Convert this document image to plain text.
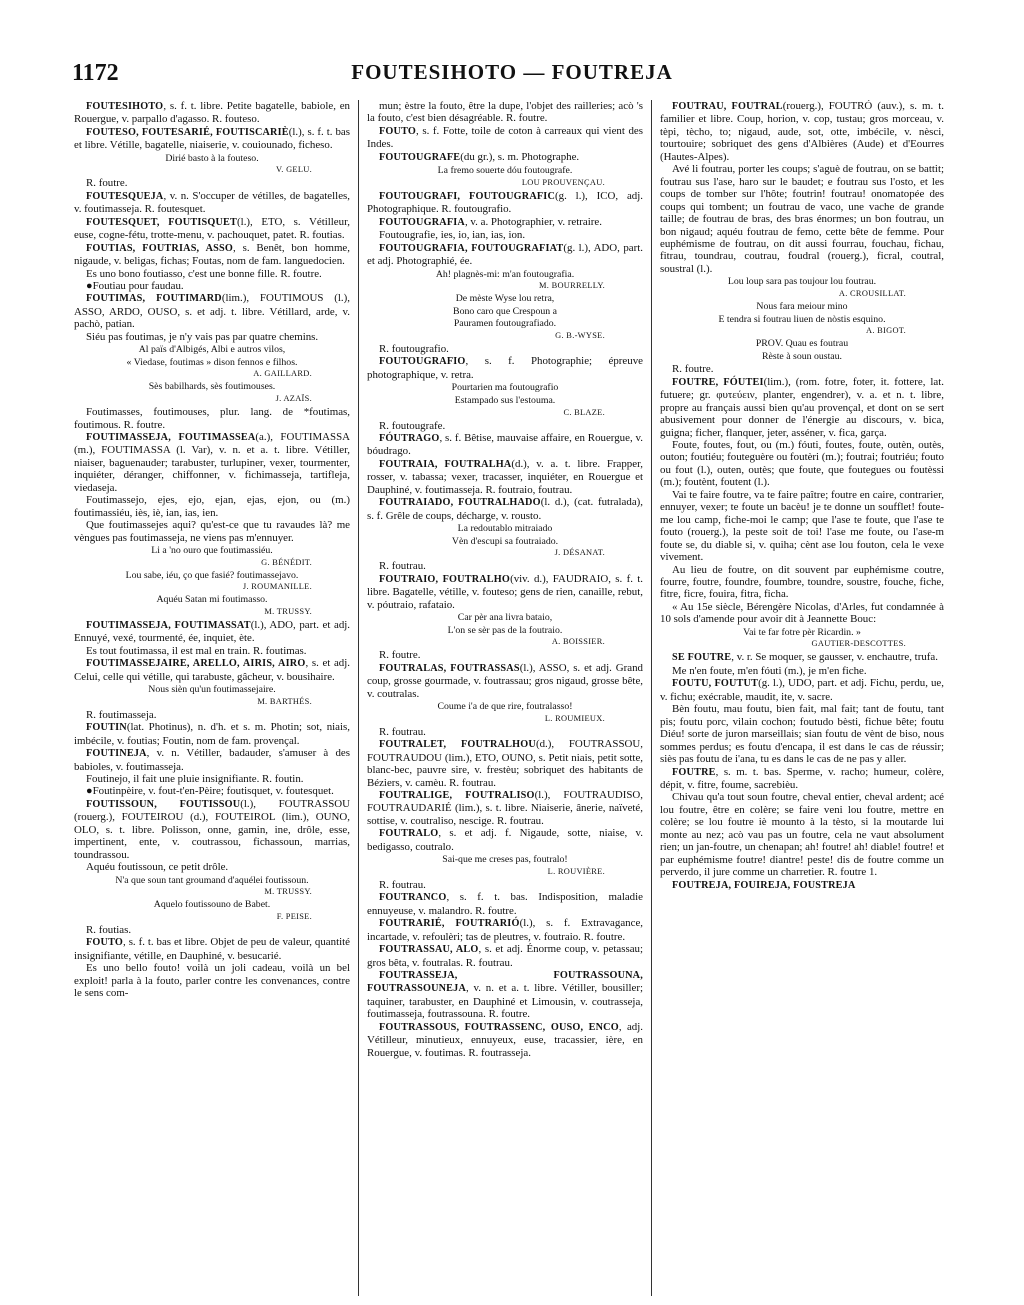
1172	FOUTESIHOTO — FOUTREJA

FOUTESIHOTO, s. f. t. libre. Petite bagatelle, babiole, en Rouergue, v. parpallo d'agasso. R. fouteso.

FOUTESO, FOUTESARIÉ, FOUTISCARIÈ(l.), s. f. t. bas et libre. Vétille, bagatelle, niaiserie, v. couiounado, ficheso.

Dirié basto à la fouteso.

V. GELU.

R. foutre.

FOUTESQUEJA, v. n. S'occuper de vétilles, de bagatelles, v. foutimasseja. R. foutesquet.

FOUTESQUET, FOUTISQUET(l.), ETO, s. Vétilleur, euse, cogne-fétu, trotte-menu, v. pachouquet, patet. R. foutias.

FOUTIAS, FOUTRIAS, ASSO, s. Benêt, bon homme, nigaude, v. beligas, fichas; Foutas, nom de fam. languedocien.

Es uno bono foutiasso, c'est une bonne fille. R. foutre.

●Foutiau pour faudau.

FOUTIMAS, FOUTIMARD(lim.), FOUTIMOUS (l.), ASSO, ARDO, OUSO, s. et adj. t. libre. Vétillard, arde, v. pachò, patian.

Siéu pas foutimas, je n'y vais pas par quatre chemins.

Al païs d'Albigés, Albi e autros vilos,

« Viedase, foutimas » dison fennos e filhos.

A. GAILLARD.

Sès babilhards, sès foutimouses.

J. AZAÏS.

Foutimasses, foutimouses, plur. lang. de *foutimas, foutimous. R. foutre.

FOUTIMASSEJA, FOUTIMASSEA(a.), FOUTIMASSA (m.), FOUTIMASSA (l. Var), v. n. et a. t. libre. Vétiller, niaiser, baguenauder; tarabuster, turlupiner, vexer, tourmenter, inquiéter, déranger, chiffonner, v. fichimasseja, tartifleja, viedaseja.

Foutimassejo, ejes, ejo, ejan, ejas, ejon, ou (m.) foutimassiéu, iès, iè, ian, ias, ien.

Que foutimassejes aqui? qu'est-ce que tu ravaudes là? me vèngues pas foutimasseja, ne viens pas m'ennuyer.

Li a 'no ouro que foutimassiéu.

G. BÉNÉDIT.

Lou sabe, iéu, ço que fasié? foutimassejavo.

J. ROUMANILLE.

Aquéu Satan mi foutimasso.

M. TRUSSY.

FOUTIMASSEJA, FOUTIMASSAT(l.), ADO, part. et adj. Ennuyé, vexé, tourmenté, ée, inquiet, ète.

Es tout foutimassa, il est mal en train. R. foutimas.

FOUTIMASSEJAIRE, ARELLO, AIRIS, AIRO, s. et adj. Celui, celle qui vétille, qui tarabuste, gâcheur, v. bousihaire.

Nous sièn qu'un foutimassejaire.

M. BARTHÉS.

R. foutimasseja.

FOUTIN(lat. Photinus), n. d'h. et s. m. Photin; sot, niais, imbécile, v. foutias; Foutin, nom de fam. provençal.

FOUTINEJA, v. n. Vétiller, badauder, s'amuser à des babioles, v. foutimasseja.

Foutinejo, il fait une pluie insignifiante. R. foutin.

●Foutinpèire, v. fout-t'en-Pèire; foutisquet, v. foutesquet.

FOUTISSOUN, FOUTISSOU(l.), FOUTRASSOU (rouerg.), FOUTEIROU (d.), FOUTEIROL (lim.), OUNO, OLO, s. t. libre. Polisson, onne, gamin, ine, drôle, esse, impertinent, ente, v. coutrassou, fichassoun, marrias, toundrassou.

Aquéu foutissoun, ce petit drôle.

N'a que soun tant groumand d'aquélei foutissoun.

M. TRUSSY.

Aquelo foutissouno de Babet.

F. PEISE.

R. foutias.

FOUTO, s. f. t. bas et libre. Objet de peu de valeur, quantité insignifiante, vétille, en Dauphiné, v. besucarié.

Es uno bello fouto! voilà un joli cadeau, voilà un bel exploit! parla à la fouto, parler contre les convenances, contre le sens com-

mun; èstre la fouto, être la dupe, l'objet des railleries; acò 's la fouto, c'est bien désagréable. R. foutre.

FOUTO, s. f. Fotte, toile de coton à carreaux qui vient des Indes.

FOUTOUGRAFE(du gr.), s. m. Photographe.

La fremo souerte dóu foutougrafe.

LOU PROUVENÇAU.

FOUTOUGRAFI, FOUTOUGRAFIC(g. l.), ICO, adj. Photographique. R. foutougrafio.

FOUTOUGRAFIA, v. a. Photographier, v. retraire.

Foutougrafie, ies, io, ian, ias, ion.

FOUTOUGRAFIA, FOUTOUGRAFIAT(g. l.), ADO, part. et adj. Photographié, ée.

Ah! plagnès-mi: m'an foutougrafia.

M. BOURRELLY.

De mèste Wyse lou retra,

Bono caro que Crespoun a

Pauramen foutougrafiado.

G. B.-WYSE.

R. foutougrafio.

FOUTOUGRAFIO, s. f. Photographie; épreuve photographique, v. retra.

Pourtarien ma foutougrafio

Estampado sus l'estouma.

C. BLAZE.

R. foutougrafe.

FÓUTRAGO, s. f. Bêtise, mauvaise affaire, en Rouergue, v. bóudrago.

FOUTRAIA, FOUTRALHA(d.), v. a. t. libre. Frapper, rosser, v. tabassa; vexer, tracasser, inquiéter, en Rouergue et Dauphiné, v. foutimasseja. R. foutraio, foutrau.

FOUTRAIADO, FOUTRALHADO(l. d.), (cat. futralada), s. f. Grêle de coups, décharge, v. rousto.

La redoutablo mitraiado

Vèn d'escupi sa foutraiado.

J. DÉSANAT.

R. foutrau.

FOUTRAIO, FOUTRALHO(viv. d.), FAUDRAIO, s. f. t. libre. Bagatelle, vétille, v. fouteso; gens de rien, canaille, rebut, v. póutraio, rafataio.

Car pèr ana livra bataio,

L'on se sèr pas de la foutraio.

A. BOISSIER.

R. foutre.

FOUTRALAS, FOUTRASSAS(l.), ASSO, s. et adj. Grand coup, grosse gourmade, v. foutrassau; gros nigaud, grosse bête, v. coutralas.

Coume i'a de que rire, foutralasso!

L. ROUMIEUX.

R. foutrau.

FOUTRALET, FOUTRALHOU(d.), FOUTRASSOU, FOUTRAUDOU (lim.), ETO, OUNO, s. Petit niais, petit sotte, blanc-bec, pauvre sire, v. frestèu; sobriquet des habitants de Béziers, v. camèu. R. foutrau.

FOUTRALIGE, FOUTRALISO(l.), FOUTRAUDISO, FOUTRAUDARIÉ (lim.), s. t. libre. Niaiserie, ânerie, naïveté, sottise, v. coutraliso, nescige. R. foutrau.

FOUTRALO, s. et adj. f. Nigaude, sotte, niaise, v. bedigasso, coutralo.

Sai-que me creses pas, foutralo!

L. ROUVIÈRE.

R. foutrau.

FOUTRANCO, s. f. t. bas. Indisposition, maladie ennuyeuse, v. malandro. R. foutre.

FOUTRARIÉ, FOUTRARIÓ(l.), s. f. Extravagance, incartade, v. refoulèri; tas de pleutres, v. foutraio. R. foutre.

FOUTRASSAU, ALO, s. et adj. Énorme coup, v. petassau; gros bêta, v. foutralas. R. foutrau.

FOUTRASSEJA, FOUTRASSOUNA, FOUTRASSOUNEJA, v. n. et a. t. libre. Vétiller, bousiller; taquiner, tarabuster, en Dauphiné et Limousin, v. coutrasseja, foutimasseja, foutrassouna. R. foutre.

FOUTRASSOUS, FOUTRASSENC, OUSO, ENCO, adj. Vétilleur, minutieux, ennuyeux, euse, tracassier, ière, en Rouergue, v. foutimas. R. foutrasseja.

FOUTRAU, FOUTRAL(rouerg.), FOUTRÓ (auv.), s. m. t. familier et libre. Coup, horion, v. cop, tustau; gros morceau, v. tèpi, tècho, to; nigaud, aude, sot, otte, imbécile, v. nèsci, tourtouire; sobriquet des gens d'Albières (Aude) et d'Eourres (Hautes-Alpes).

Avé li foutrau, porter les coups; s'aguè de foutrau, on se battit; foutrau sus l'ase, haro sur le baudet; e foutrau sus l'osto, et les coups de tomber sur l'hôte; foutrin! foutrau! onomatopée des coups qui tombent; un foutrau de vaco, une vache de grande taille; de foutrau de bras, des bras énormes; un bon foutrau, un bon nigaud; aquéu foutrau de femo, cette bête de femme. Pour euphémisme de foutrau, on dit aussi fourrau, fouchau, fichau, fitrau, toundrau, coutrau, foudral (rouerg.), ficral, coutral, soustral (l.).

Lou loup sara pas toujour lou foutrau.

A. CROUSILLAT.

Nous fara meiour mino

E tendra si foutrau liuen de nòstis esquino.

A. BIGOT.

PROV. Quau es foutrau

Rèste à soun oustau.

R. foutre.

FOUTRE, FÓUTEI(lim.), (rom. fotre, foter, it. fottere, lat. futuere; gr. φυτεύειν, planter, engendrer), v. a. et n. t. libre, propre au français aussi bien qu'au provençal, et dont on se sert abusivement pour donner de l'énergie au discours, v. bica, guigna; ficher, flanquer, jeter, asséner, v. fica, garça.

Foute, foutes, fout, ou (m.) fóuti, foutes, foute, outèn, outès, outon; foutiéu; fouteguère ou foutèri (m.); foutrai; foutriéu; fouto ou fout (l.), outen, outès; que foute, que foutegues ou foutèssi (m.); foutènt, foutent (l.).

Vai te faire foutre, va te faire paître; foutre en caire, contrarier, ennuyer, vexer; te foute un bacèu! je te donne un soufflet! foute-me lou camp, fiche-moi le camp; que l'ase te foute, que l'ase te fouto (rouerg.), la peste soit de toi! l'ase me foute, ou l'ase-m foute se, du diable si, v. quiha; cènt ase lou fouton, cela le vexe vivement.

Au lieu de foutre, on dit souvent par euphémisme coutre, fourre, foutre, foundre, foumbre, toundre, soustre, fouche, fiche, fitre, ficre, fouira, fitra, ficha.

« Au 15e siècle, Bérengère Nicolas, d'Arles, fut condamnée à 10 sols d'amende pour avoir dit à Jeannette Bouc:

Vai te far fotre pèr Ricardin. »

GAUTIER-DESCOTTES.

SE FOUTRE, v. r. Se moquer, se gausser, v. enchautre, trufa.

Me n'en foute, m'en fóuti (m.), je m'en fiche.

FOUTU, FOUTUT(g. l.), UDO, part. et adj. Fichu, perdu, ue, v. fichu; exécrable, maudit, ite, v. sacre.

Bèn foutu, mau foutu, bien fait, mal fait; tant de foutu, tant pis; foutu porc, vilain cochon; foutudo bèsti, fichue bête; foutu Diéu! sorte de juron marseillais; sian foutu de vènt de biso, nous sommes perdus; es foutu d'encapa, il est dans le cas de réussir; siès pas foutu de i'ana, tu es dans le cas de ne pas y aller.

FOUTRE, s. m. t. bas. Sperme, v. racho; humeur, colère, dépit, v. fitre, foume, sacrebièu.

Chivau qu'a tout soun foutre, cheval entier, cheval ardent; acé lou foutre, être en colère; se faire veni lou foutre, mettre en colère; se lou foutre iè mounto à la tèsto, si la moutarde lui monte au nez; acò vau pas un foutre, cela ne vaut absolument rien; un jan-foutre, un chenapan; ah! foutre! ah! diable! foutre! et par euphémisme foutre! diantre! peste! dis de foutre comme un perverdo, il jure comme un charretier. R. foutre 1.

FOUTREJA, FOUIREJA, FOUSTREJA
